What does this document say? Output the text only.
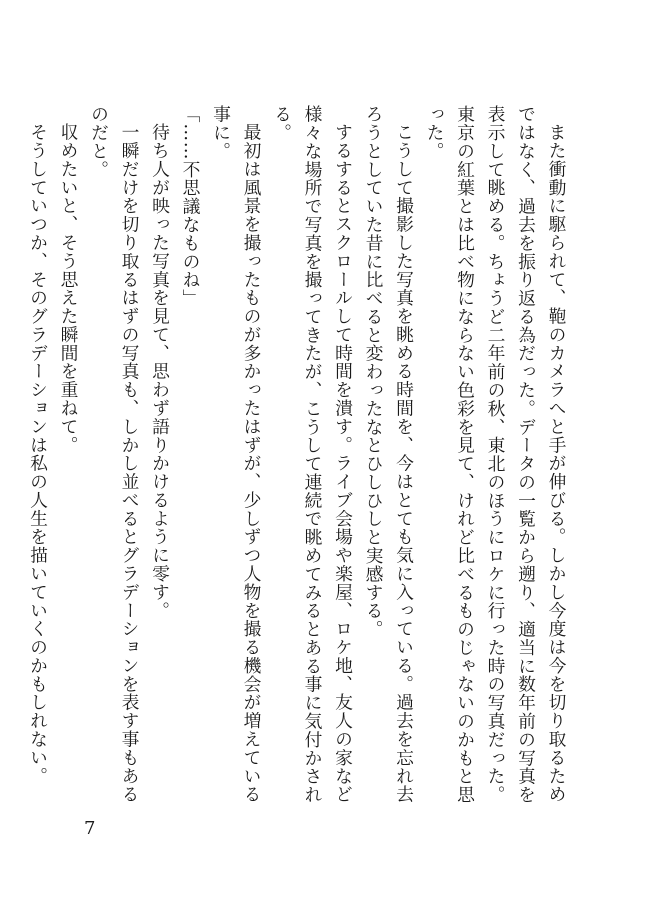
また衝動に駆られて、鞄のカメラへと手が伸びる。しかし今度は今を切り取るためではなく、過去を振り返る為だった。データの一覧から遡り、適当に数年前の写真を表示して眺める。ちょうど二年前の秋、東北のほうにロケに行った時の写真だった。東京の紅葉とは比べ物にならない色彩を見て、けれど比べるものじゃないのかもと思った。

こうして撮影した写真を眺める時間を、今はとても気に入っている。過去を忘れ去ろうとしていた昔に比べると変わったなとひしひしと実感する。

するするとスクロールして時間を潰す。ライブ会場や楽屋、ロケ地、友人の家など様々な場所で写真を撮ってきたが、こうして連続で眺めてみるとある事に気付かされる。

最初は風景を撮ったものが多かったはずが、少しずつ人物を撮る機会が増えている事に。

「……不思議なものね」

待ち人が映った写真を見て、思わず語りかけるように零す。

一瞬だけを切り取るはずの写真も、しかし並べるとグラデーションを表す事もあるのだと。

収めたいと、そう思えた瞬間を重ねて。

そうしていつか、そのグラデーションは私の人生を描いていくのかもしれない。

7
